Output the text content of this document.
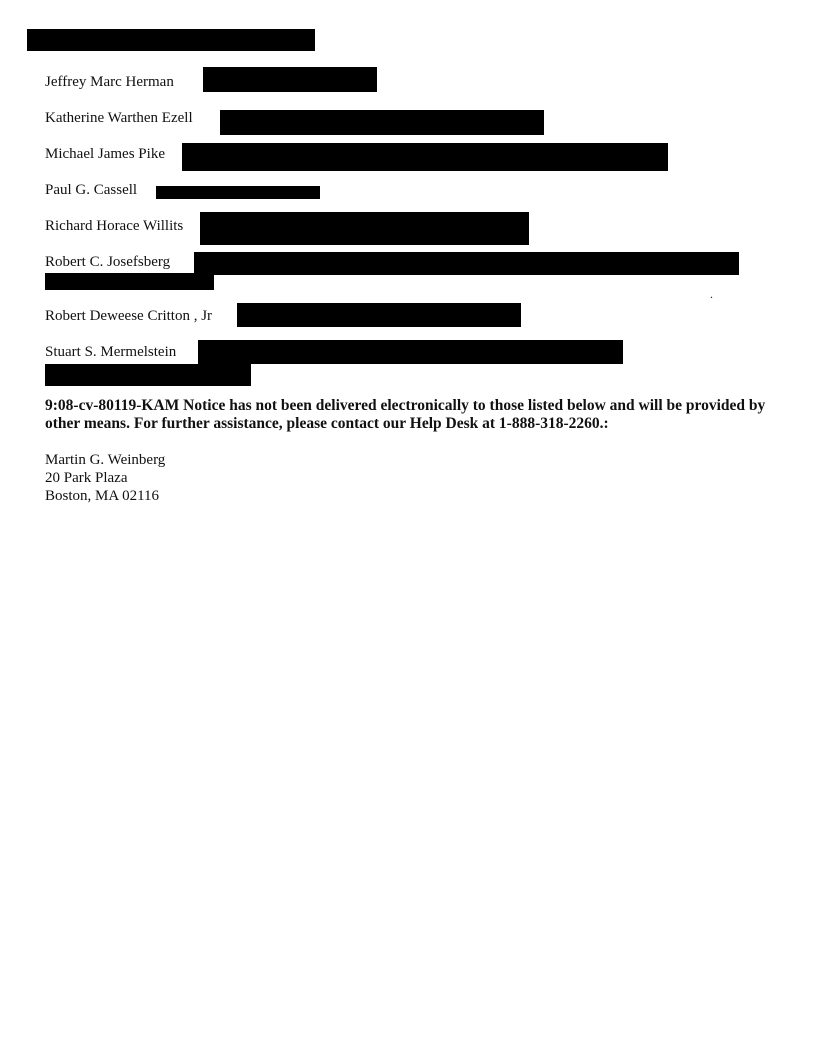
Jeffrey Marc Herman
Katherine Warthen Ezell
Michael James Pike
Paul G. Cassell
Richard Horace Willits
Robert C. Josefsberg
.
Robert Deweese Critton , Jr
Stuart S. Mermelstein
9:08-cv-80119-KAM Notice has not been delivered electronically to those listed below and will be provided by other means. For further assistance, please contact our Help Desk at 1-888-318-2260.:
Martin G. Weinberg
20 Park Plaza
Boston, MA 02116
